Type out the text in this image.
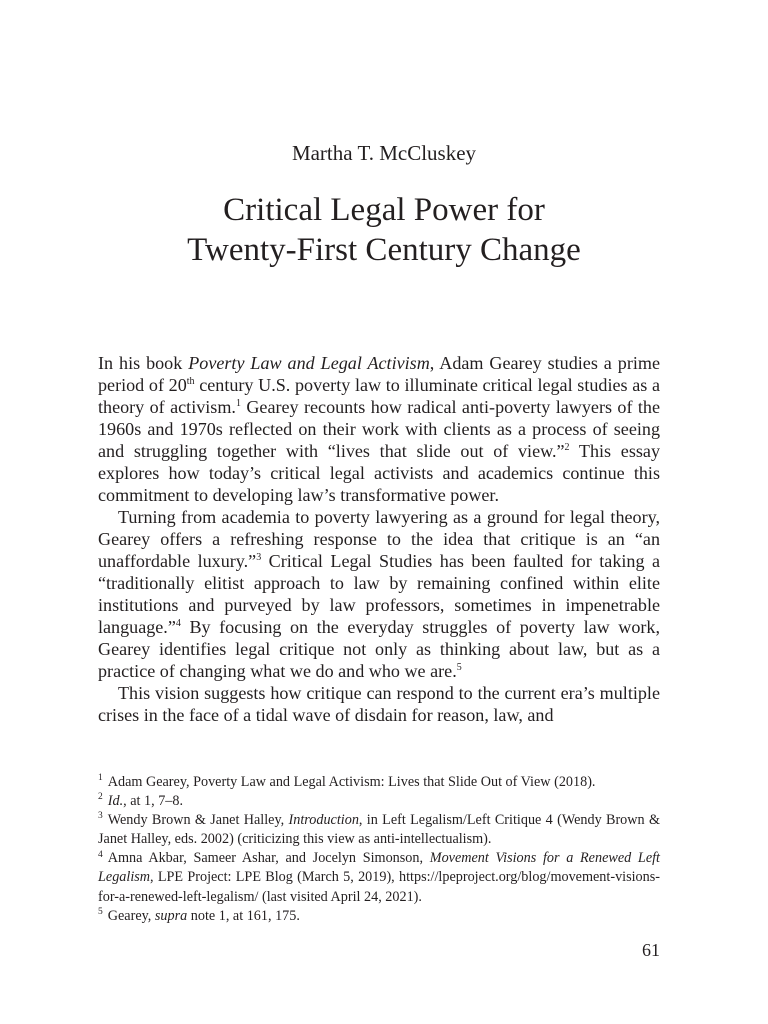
Martha T. McCluskey
Critical Legal Power for
Twenty-First Century Change

In his book Poverty Law and Legal Activism, Adam Gearey studies a prime period of 20th century U.S. poverty law to illuminate critical legal studies as a theory of activism.$^1$ Gearey recounts how radical anti-poverty lawyers of the 1960s and 1970s reflected on their work with clients as a process of seeing and struggling together with “lives that slide out of view.”$^2$ This essay explores how today’s critical legal activists and academics continue this commitment to developing law’s transformative power.

Turning from academia to poverty lawyering as a ground for legal theory, Gearey offers a refreshing response to the idea that critique is an “an unaffordable luxury.”$^3$ Critical Legal Studies has been faulted for taking a “traditionally elitist approach to law by remaining confined within elite institutions and purveyed by law professors, sometimes in impenetrable language.”$^4$ By focusing on the everyday struggles of poverty law work, Gearey identifies legal critique not only as thinking about law, but as a practice of changing what we do and who we are.$^5$

This vision suggests how critique can respond to the current era’s multiple crises in the face of a tidal wave of disdain for reason, law, and

$^1$ Adam Gearey, Poverty Law and Legal Activism: Lives that Slide Out of View (2018).

$^2$ Id., at 1, 7–8.

$^3$ Wendy Brown & Janet Halley, Introduction, in Left Legalism/Left Critique 4 (Wendy Brown & Janet Halley, eds. 2002) (criticizing this view as anti-intellectualism).

$^4$ Amna Akbar, Sameer Ashar, and Jocelyn Simonson, Movement Visions for a Renewed Left Legalism, LPE Project: LPE Blog (March 5, 2019), https://lpeproject.org/blog/movement-visions-for-a-renewed-left-legalism/ (last visited April 24, 2021).

$^5$ Gearey, supra note 1, at 161, 175.

61
